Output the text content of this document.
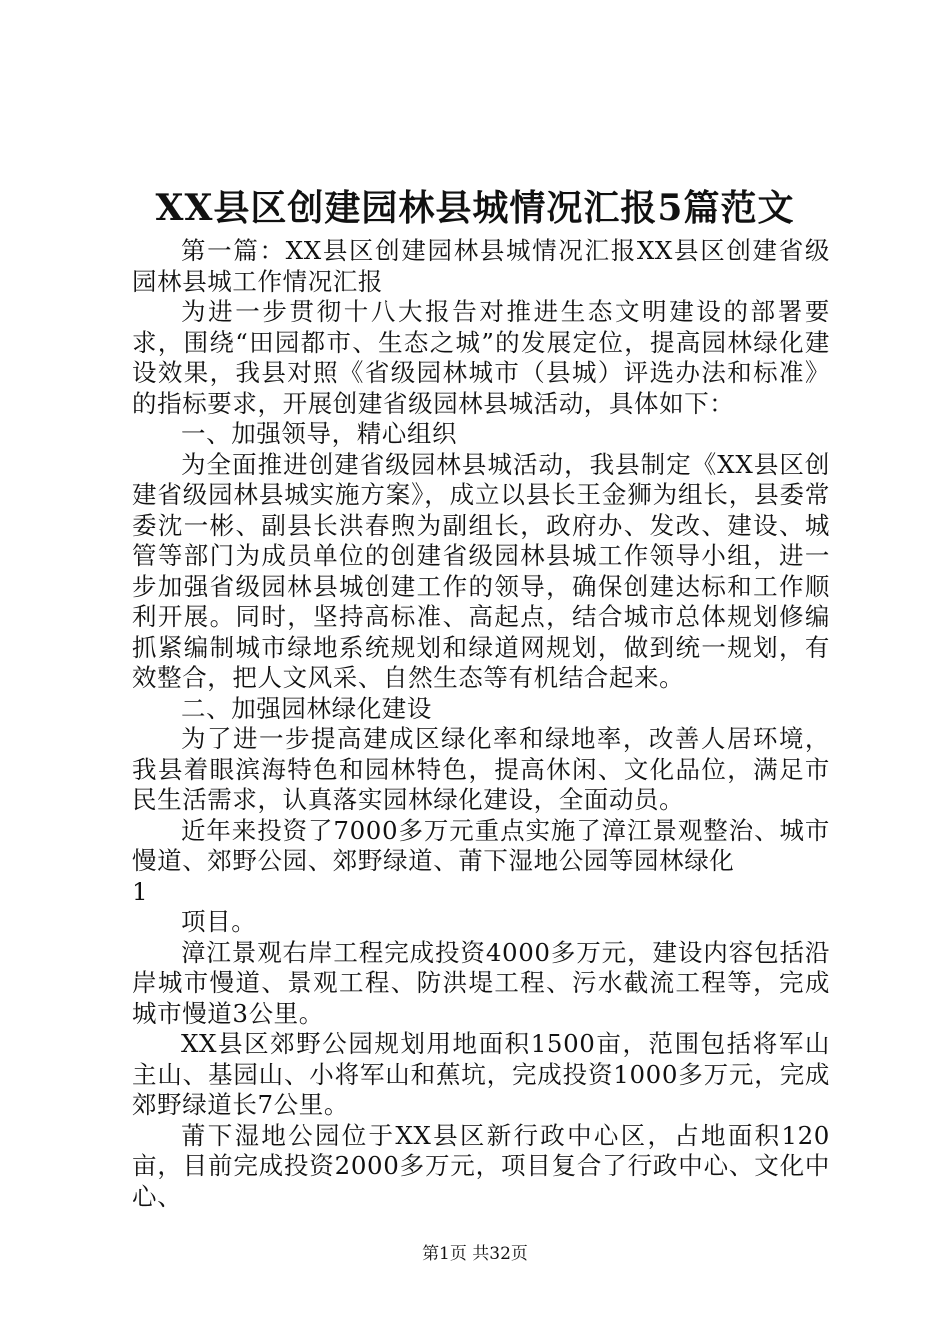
XX县区创建园林县城情况汇报5篇范文

第一篇：XX县区创建园林县城情况汇报XX县区创建省级园林县城工作情况汇报

为进一步贯彻十八大报告对推进生态文明建设的部署要求，围绕“田园都市、生态之城”的发展定位，提高园林绿化建设效果，我县对照《省级园林城市（县城）评选办法和标准》的指标要求，开展创建省级园林县城活动，具体如下：

一、加强领导，精心组织

为全面推进创建省级园林县城活动，我县制定《XX县区创建省级园林县城实施方案》，成立以县长王金狮为组长，县委常委沈一彬、副县长洪春煦为副组长，政府办、发改、建设、城管等部门为成员单位的创建省级园林县城工作领导小组，进一步加强省级园林县城创建工作的领导，确保创建达标和工作顺利开展。同时，坚持高标准、高起点，结合城市总体规划修编抓紧编制城市绿地系统规划和绿道网规划，做到统一规划，有效整合，把人文风采、自然生态等有机结合起来。

二、加强园林绿化建设

为了进一步提高建成区绿化率和绿地率，改善人居环境，我县着眼滨海特色和园林特色，提高休闲、文化品位，满足市民生活需求，认真落实园林绿化建设，全面动员。

近年来投资了7000多万元重点实施了漳江景观整治、城市慢道、郊野公园、郊野绿道、莆下湿地公园等园林绿化

1

项目。

漳江景观右岸工程完成投资4000多万元，建设内容包括沿岸城市慢道、景观工程、防洪堤工程、污水截流工程等，完成城市慢道3公里。

XX县区郊野公园规划用地面积1500亩，范围包括将军山主山、基园山、小将军山和蕉坑，完成投资1000多万元，完成郊野绿道长7公里。

莆下湿地公园位于XX县区新行政中心区，占地面积120亩，目前完成投资2000多万元，项目复合了行政中心、文化中心、

第1页 共32页
